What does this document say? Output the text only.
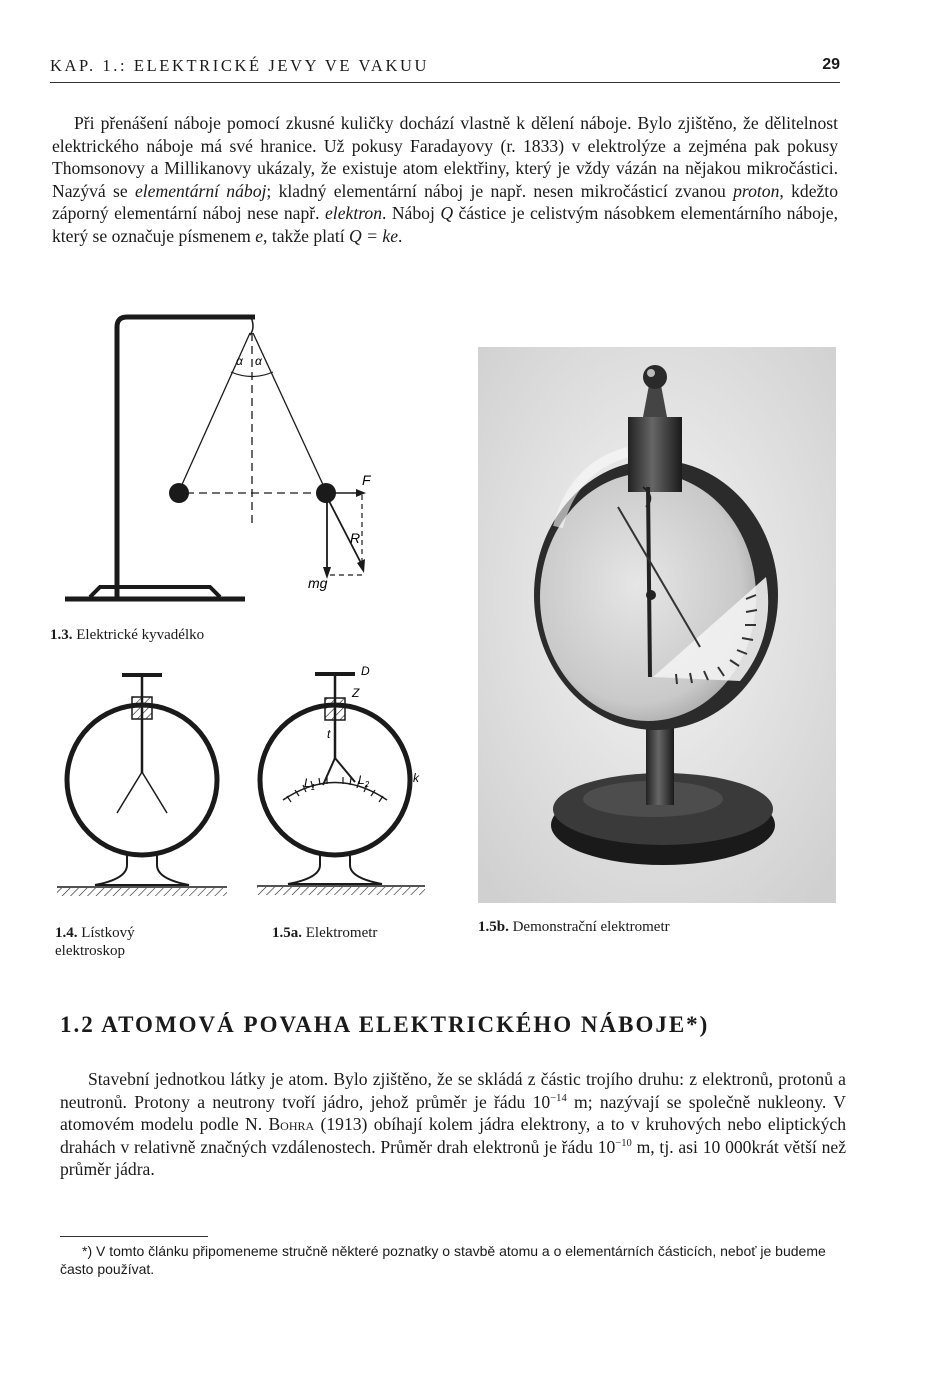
KAP. 1.: ELEKTRICKÉ JEVY VE VAKUU	29
Při přenášení náboje pomocí zkusné kuličky dochází vlastně k dělení náboje. Bylo zjištěno, že dělitelnost elektrického náboje má své hranice. Už pokusy Faradayovy (r. 1833) v elektrolýze a zejména pak pokusy Thomsonovy a Millikanovy ukázaly, že existuje atom elektřiny, který je vždy vázán na nějakou mikročástici. Nazývá se elementární náboj; kladný elementární náboj je např. nesen mikročásticí zvanou proton, kdežto záporný elementární náboj nese např. elektron. Náboj Q částice je celistvým násobkem elementárního náboje, který se označuje písmenem e, takže platí Q = ke.
α α
F
R
mg
1.3. Elektrické kyvadélko
1.4. Lístkový
elektroskop
D
Z
t
$L_1$
$L_2$	k
1.5a. Elektrometr	1.5b. Demonstrační elektrometr
1.2 ATOMOVÁ POVAHA ELEKTRICKÉHO NÁBOJE*)
Stavební jednotkou látky je atom. Bylo zjištěno, že se skládá z částic trojího druhu: z elektronů, protonů a neutronů. Protony a neutrony tvoří jádro, jehož průměr je řádu $10^{-14}$ m; nazývají se společně nukleony. V atomovém modelu podle N. Bohra (1913) obíhají kolem jádra elektrony, a to v kruhových nebo eliptických drahách v relativně značných vzdálenostech. Průměr drah elektronů je řádu $10^{-10}$ m, tj. asi 10 000krát větší než průměr jádra.
*) V tomto článku připomeneme stručně některé poznatky o stavbě atomu a o elementárních částicích, neboť je budeme často používat.
